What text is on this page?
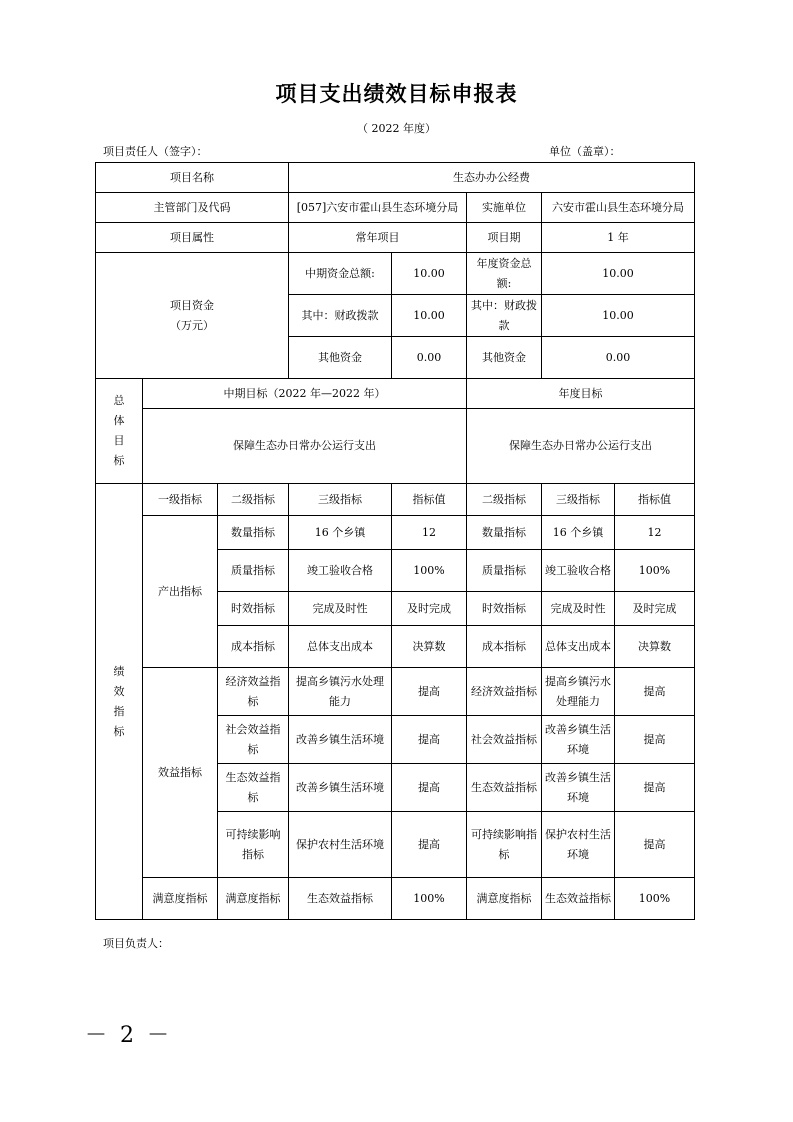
项目支出绩效目标申报表
（ 2022 年度）
项目责任人（签字）：	单位（盖章）：
项目名称			生态办办公经费				
主管部门及代码			[057]六安市霍山县生态环境分局		实施单位	六安市霍山县生态环境分局	
项目属性			常年项目		项目期	1 年	

项目资金
（万元）			中期资金总额:	10.00	年度资金总额:	10.00	
			其中：财政拨款	10.00	其中：财政拨款	10.00	
			其他资金	0.00	其他资金	0.00	

总体目标	中期目标（2022 年—2022 年）				年度目标		
	保障生态办日常办公运行支出				保障生态办日常办公运行支出		

绩效指标	一级指标	二级指标	三级指标	指标值	二级指标	三级指标	指标值
	产出指标	数量指标	16 个乡镇	12	数量指标	16 个乡镇	12
		质量指标	竣工验收合格	100%	质量指标	竣工验收合格	100%
		时效指标	完成及时性	及时完成	时效指标	完成及时性	及时完成
		成本指标	总体支出成本	决算数	成本指标	总体支出成本	决算数
	效益指标	经济效益指标	提高乡镇污水处理能力	提高	经济效益指标	提高乡镇污水处理能力	提高
		社会效益指标	改善乡镇生活环境	提高	社会效益指标	改善乡镇生活环境	提高
		生态效益指标	改善乡镇生活环境	提高	生态效益指标	改善乡镇生活环境	提高
		可持续影响指标	保护农村生活环境	提高	可持续影响指标	保护农村生活环境	提高
	满意度指标	满意度指标	生态效益指标	100%	满意度指标	生态效益指标	100%
项目负责人：
－ 2 －
